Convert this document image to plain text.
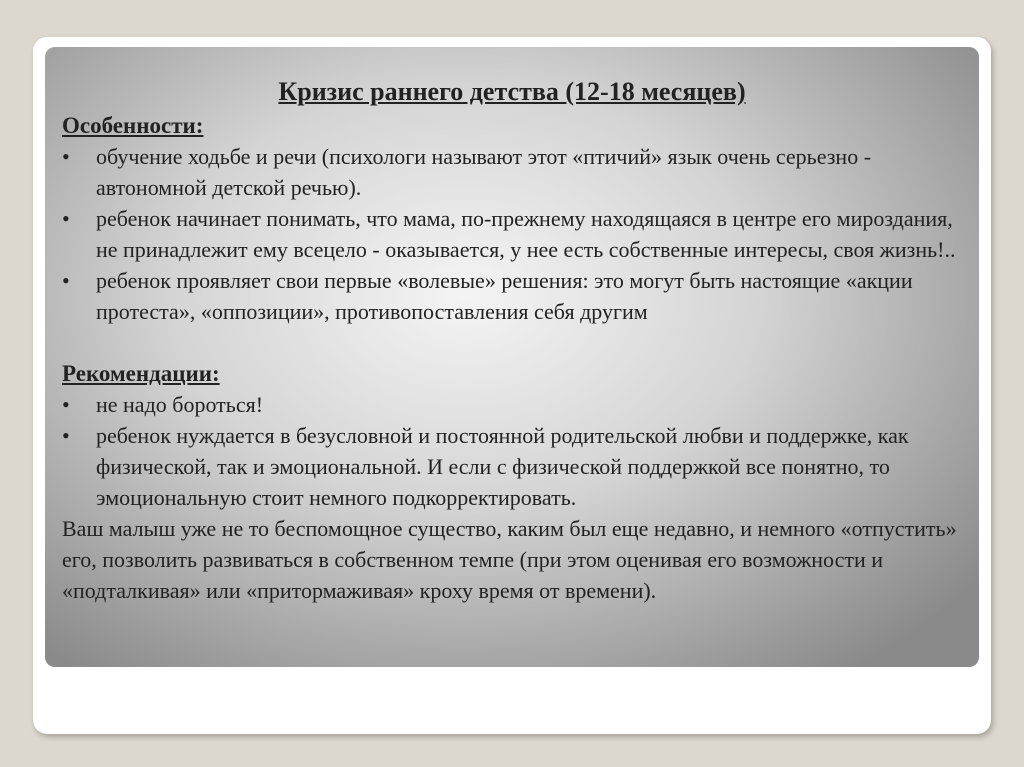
Кризис раннего детства (12-18 месяцев)
Особенности:
• обучение ходьбе и речи (психологи называют этот «птичий» язык очень серьезно - автономной детской речью).
• ребенок начинает понимать, что мама, по-прежнему находящаяся в центре его мироздания, не принадлежит ему всецело - оказывается, у нее есть собственные интересы, своя жизнь!..
• ребенок проявляет свои первые «волевые» решения: это могут быть настоящие «акции протеста», «оппозиции», противопоставления себя другим
Рекомендации:
• не надо бороться!
• ребенок нуждается в безусловной и постоянной родительской любви и поддержке, как физической, так и эмоциональной. И если с физической поддержкой все понятно, то эмоциональную стоит немного подкорректировать.

Ваш малыш уже не то беспомощное существо, каким был еще недавно, и немного «отпустить» его, позволить развиваться в собственном темпе (при этом оценивая его возможности и «подталкивая» или «притормаживая» кроху время от времени).
